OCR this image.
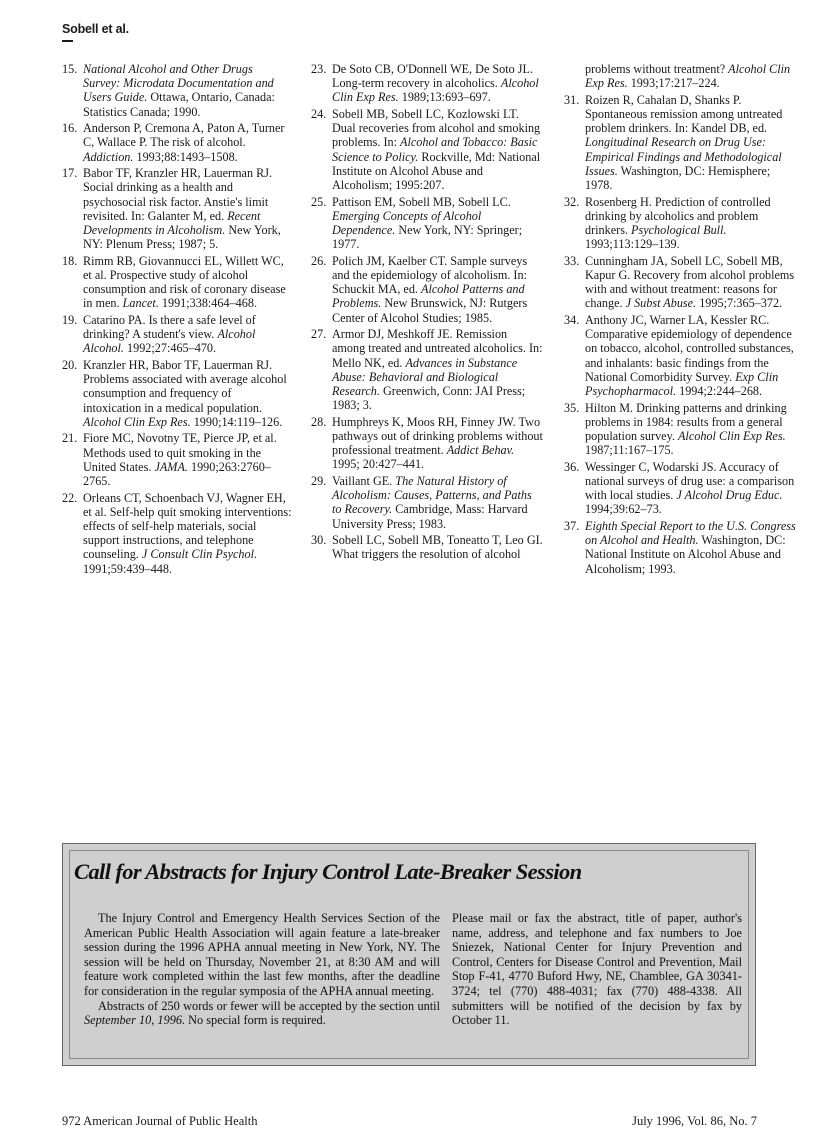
Sobell et al.
15. National Alcohol and Other Drugs Survey: Microdata Documentation and Users Guide. Ottawa, Ontario, Canada: Statistics Canada; 1990.
16. Anderson P, Cremona A, Paton A, Turner C, Wallace P. The risk of alcohol. Addiction. 1993;88:1493–1508.
17. Babor TF, Kranzler HR, Lauerman RJ. Social drinking as a health and psychosocial risk factor. Anstie's limit revisited. In: Galanter M, ed. Recent Developments in Alcoholism. New York, NY: Plenum Press; 1987; 5.
18. Rimm RB, Giovannucci EL, Willett WC, et al. Prospective study of alcohol consumption and risk of coronary disease in men. Lancet. 1991;338:464–468.
19. Catarino PA. Is there a safe level of drinking? A student's view. Alcohol Alcohol. 1992;27:465–470.
20. Kranzler HR, Babor TF, Lauerman RJ. Problems associated with average alcohol consumption and frequency of intoxication in a medical population. Alcohol Clin Exp Res. 1990;14:119–126.
21. Fiore MC, Novotny TE, Pierce JP, et al. Methods used to quit smoking in the United States. JAMA. 1990;263:2760–2765.
22. Orleans CT, Schoenbach VJ, Wagner EH, et al. Self-help quit smoking interventions: effects of self-help materials, social support instructions, and telephone counseling. J Consult Clin Psychol. 1991;59:439–448.
23. De Soto CB, O'Donnell WE, De Soto JL. Long-term recovery in alcoholics. Alcohol Clin Exp Res. 1989;13:693–697.
24. Sobell MB, Sobell LC, Kozlowski LT. Dual recoveries from alcohol and smoking problems. In: Alcohol and Tobacco: Basic Science to Policy. Rockville, Md: National Institute on Alcohol Abuse and Alcoholism; 1995:207.
25. Pattison EM, Sobell MB, Sobell LC. Emerging Concepts of Alcohol Dependence. New York, NY: Springer; 1977.
26. Polich JM, Kaelber CT. Sample surveys and the epidemiology of alcoholism. In: Schuckit MA, ed. Alcohol Patterns and Problems. New Brunswick, NJ: Rutgers Center of Alcohol Studies; 1985.
27. Armor DJ, Meshkoff JE. Remission among treated and untreated alcoholics. In: Mello NK, ed. Advances in Substance Abuse: Behavioral and Biological Research. Greenwich, Conn: JAI Press; 1983; 3.
28. Humphreys K, Moos RH, Finney JW. Two pathways out of drinking problems without professional treatment. Addict Behav. 1995; 20:427–441.
29. Vaillant GE. The Natural History of Alcoholism: Causes, Patterns, and Paths to Recovery. Cambridge, Mass: Harvard University Press; 1983.
30. Sobell LC, Sobell MB, Toneatto T, Leo GI. What triggers the resolution of alcohol
problems without treatment? Alcohol Clin Exp Res. 1993;17:217–224.
31. Roizen R, Cahalan D, Shanks P. Spontaneous remission among untreated problem drinkers. In: Kandel DB, ed. Longitudinal Research on Drug Use: Empirical Findings and Methodological Issues. Washington, DC: Hemisphere; 1978.
32. Rosenberg H. Prediction of controlled drinking by alcoholics and problem drinkers. Psychological Bull. 1993;113:129–139.
33. Cunningham JA, Sobell LC, Sobell MB, Kapur G. Recovery from alcohol problems with and without treatment: reasons for change. J Subst Abuse. 1995;7:365–372.
34. Anthony JC, Warner LA, Kessler RC. Comparative epidemiology of dependence on tobacco, alcohol, controlled substances, and inhalants: basic findings from the National Comorbidity Survey. Exp Clin Psychopharmacol. 1994;2:244–268.
35. Hilton M. Drinking patterns and drinking problems in 1984: results from a general population survey. Alcohol Clin Exp Res. 1987;11:167–175.
36. Wessinger C, Wodarski JS. Accuracy of national surveys of drug use: a comparison with local studies. J Alcohol Drug Educ. 1994;39:62–73.
37. Eighth Special Report to the U.S. Congress on Alcohol and Health. Washington, DC: National Institute on Alcohol Abuse and Alcoholism; 1993.
Call for Abstracts for Injury Control Late-Breaker Session

The Injury Control and Emergency Health Services Section of the American Public Health Association will again feature a late-breaker session during the 1996 APHA annual meeting in New York, NY. The session will be held on Thursday, November 21, at 8:30 AM and will feature work completed within the last few months, after the deadline for consideration in the regular symposia of the APHA annual meeting.

Abstracts of 250 words or fewer will be accepted by the section until September 10, 1996. No special form is required.

Please mail or fax the abstract, title of paper, author's name, address, and telephone and fax numbers to Joe Sniezek, National Center for Injury Prevention and Control, Centers for Disease Control and Prevention, Mail Stop F-41, 4770 Buford Hwy, NE, Chamblee, GA 30341-3724; tel (770) 488-4031; fax (770) 488-4338. All submitters will be notified of the decision by fax by October 11.

972 American Journal of Public Health	July 1996, Vol. 86, No. 7
